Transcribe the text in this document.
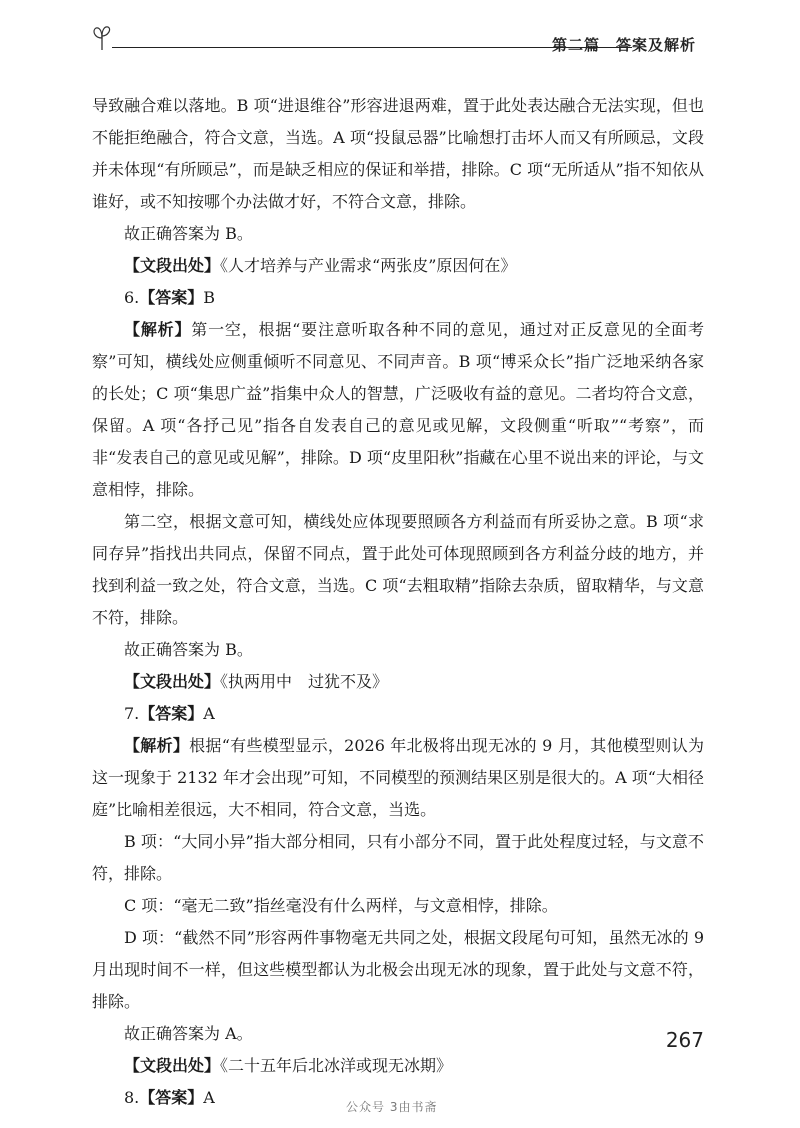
第二篇　答案及解析

导致融合难以落地。B 项“进退维谷”形容进退两难，置于此处表达融合无法实现，但也不能拒绝融合，符合文意，当选。A 项“投鼠忌器”比喻想打击坏人而又有所顾忌，文段并未体现“有所顾忌”，而是缺乏相应的保证和举措，排除。C 项“无所适从”指不知依从谁好，或不知按哪个办法做才好，不符合文意，排除。

故正确答案为 B。

【文段出处】《人才培养与产业需求“两张皮”原因何在》

6.【答案】B

【解析】第一空，根据“要注意听取各种不同的意见，通过对正反意见的全面考察”可知，横线处应侧重倾听不同意见、不同声音。B 项“博采众长”指广泛地采纳各家的长处；C 项“集思广益”指集中众人的智慧，广泛吸收有益的意见。二者均符合文意，保留。A 项“各抒己见”指各自发表自己的意见或见解，文段侧重“听取”“考察”，而非“发表自己的意见或见解”，排除。D 项“皮里阳秋”指藏在心里不说出来的评论，与文意相悖，排除。

第二空，根据文意可知，横线处应体现要照顾各方利益而有所妥协之意。B 项“求同存异”指找出共同点，保留不同点，置于此处可体现照顾到各方利益分歧的地方，并找到利益一致之处，符合文意，当选。C 项“去粗取精”指除去杂质，留取精华，与文意不符，排除。

故正确答案为 B。

【文段出处】《执两用中　过犹不及》

7.【答案】A

【解析】根据“有些模型显示，2026 年北极将出现无冰的 9 月，其他模型则认为这一现象于 2132 年才会出现”可知，不同模型的预测结果区别是很大的。A 项“大相径庭”比喻相差很远，大不相同，符合文意，当选。

B 项：“大同小异”指大部分相同，只有小部分不同，置于此处程度过轻，与文意不符，排除。

C 项：“毫无二致”指丝毫没有什么两样，与文意相悖，排除。

D 项：“截然不同”形容两件事物毫无共同之处，根据文段尾句可知，虽然无冰的 9 月出现时间不一样，但这些模型都认为北极会出现无冰的现象，置于此处与文意不符，排除。

故正确答案为 A。

【文段出处】《二十五年后北冰洋或现无冰期》

8.【答案】A

267
公众号 3由书斋
